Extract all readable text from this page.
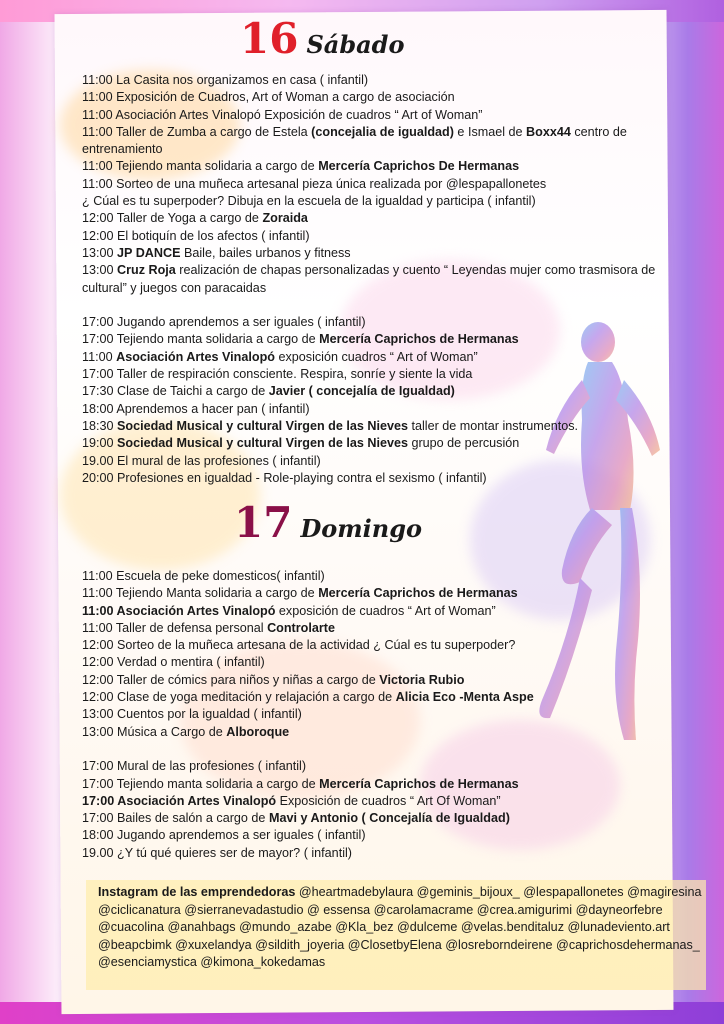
16 Sábado
11:00 La Casita nos organizamos en casa ( infantil)
11:00 Exposición de Cuadros, Art of Woman a cargo de asociación
11:00 Asociación Artes Vinalopó Exposición de cuadros “ Art of Woman”
11:00 Taller de Zumba a cargo de Estela (concejalia de igualdad) e Ismael de Boxx44 centro de entrenamiento
11:00 Tejiendo manta solidaria a cargo de Mercería Caprichos De Hermanas
11:00 Sorteo de una muñeca artesanal pieza única realizada por @lespapallonetes
¿ Cúal es tu superpoder? Dibuja en la escuela de la igualdad y participa ( infantil)
12:00 Taller de Yoga a cargo de Zoraida
12:00 El botiquín de los afectos ( infantil)
13:00 JP DANCE Baile, bailes urbanos y fitness
13:00 Cruz Roja realización de chapas personalizadas y cuento “ Leyendas mujer como trasmisora de cultural” y juegos con paracaidas
17:00 Jugando aprendemos a ser iguales ( infantil)
17:00 Tejiendo manta solidaria a cargo de Mercería Caprichos de Hermanas
11:00 Asociación Artes Vinalopó exposición cuadros “ Art of Woman”
17:00 Taller de respiración consciente. Respira, sonríe y siente la vida
17:30 Clase de Taichi a cargo de Javier ( concejalía de Igualdad)
18:00 Aprendemos a hacer pan ( infantil)
18:30 Sociedad Musical y cultural Virgen de las Nieves taller de montar instrumentos.
19:00 Sociedad Musical y cultural Virgen de las Nieves grupo de percusión
19.00 El mural de las profesiones ( infantil)
20:00 Profesiones en igualdad - Role-playing contra el sexismo ( infantil)
17 Domingo
11:00 Escuela de peke domesticos( infantil)
11:00 Tejiendo Manta solidaria a cargo de Mercería Caprichos de Hermanas
11:00 Asociación Artes Vinalopó exposición de cuadros “ Art of Woman”
11:00 Taller de defensa personal Controlarte
12:00 Sorteo de la muñeca artesana de la actividad ¿ Cúal es tu superpoder?
12:00 Verdad o mentira ( infantil)
12:00 Taller de cómics para niños y niñas a cargo de Victoria Rubio
12:00 Clase de yoga meditación y relajación a cargo de Alicia Eco -Menta Aspe
13:00 Cuentos por la igualdad ( infantil)
13:00 Música a Cargo de Alboroque
17:00 Mural de las profesiones ( infantil)
17:00 Tejiendo manta solidaria a cargo de Mercería Caprichos de Hermanas
17:00 Asociación Artes Vinalopó Exposición de cuadros “ Art Of Woman”
17:00 Bailes de salón a cargo de Mavi y Antonio ( Concejalía de Igualdad)
18:00 Jugando aprendemos a ser iguales ( infantil)
19.00 ¿Y tú qué quieres ser de mayor? ( infantil)
Instagram de las emprendedoras @heartmadebylaura @geminis_bijoux_ @lespapallonetes @magiresina @ciclicanatura @sierranevadastudio @ essensa @carolamacrame @crea.amigurimi @dayneorfebre @cuacolina @anahbags @mundo_azabe @Kla_bez @dulceme @velas.benditaluz @lunadeviento.art @beapcbimk @xuxelandya @sildith_joyeria @ClosetbyElena @losreborndeirene @caprichosdehermanas_ @esenciamystica @kimona_kokedamas
